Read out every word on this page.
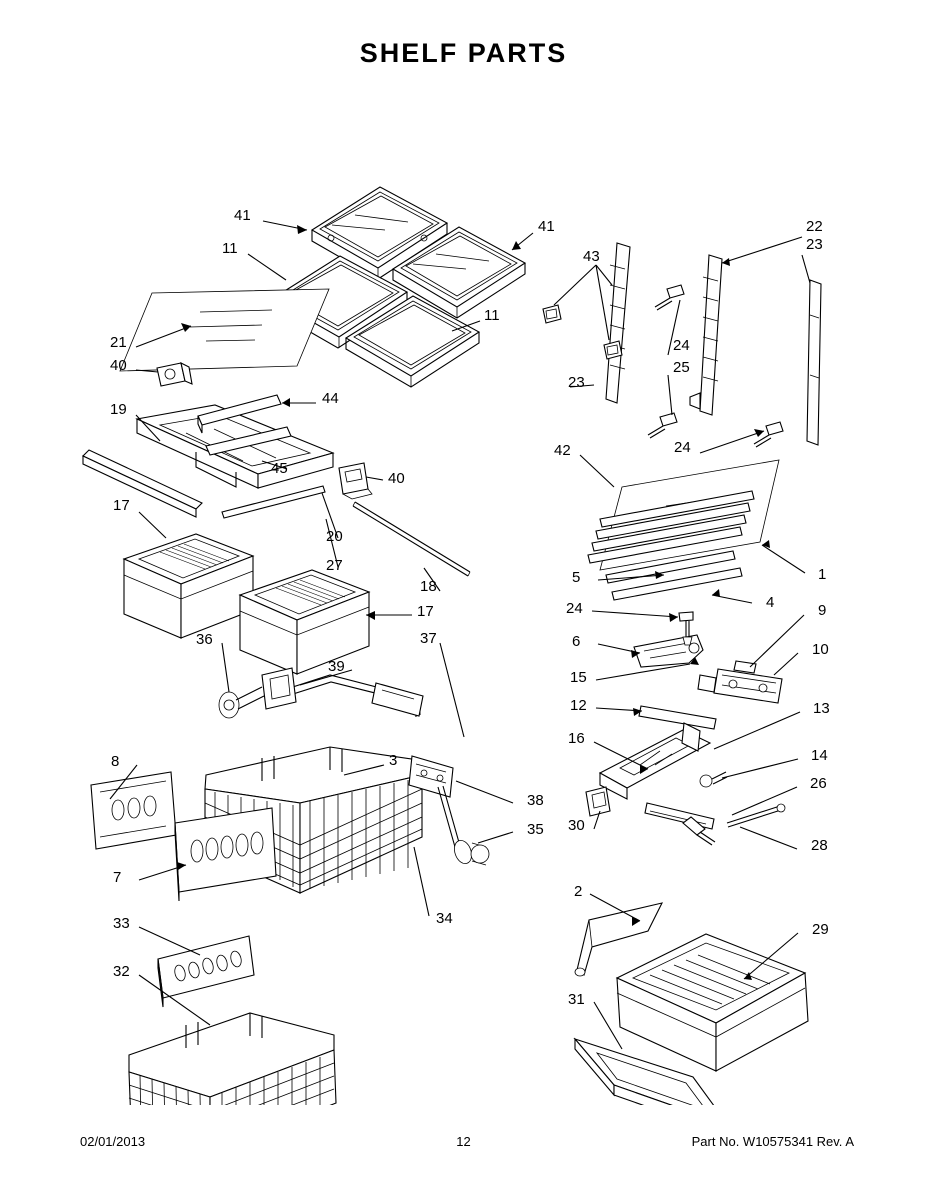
SHELF PARTS
41
41
11
11
43
22
23
21
40
24
25
23
19
44
24
42
45
40
17
20
27
1
5
18
4
24
17	9
6
37
36
10
15
39
12	13
16
14
8	3
26
38
30
35
28
7
2
34
33	29
32
31
02/01/2013	12	Part No. W10575341 Rev. A
